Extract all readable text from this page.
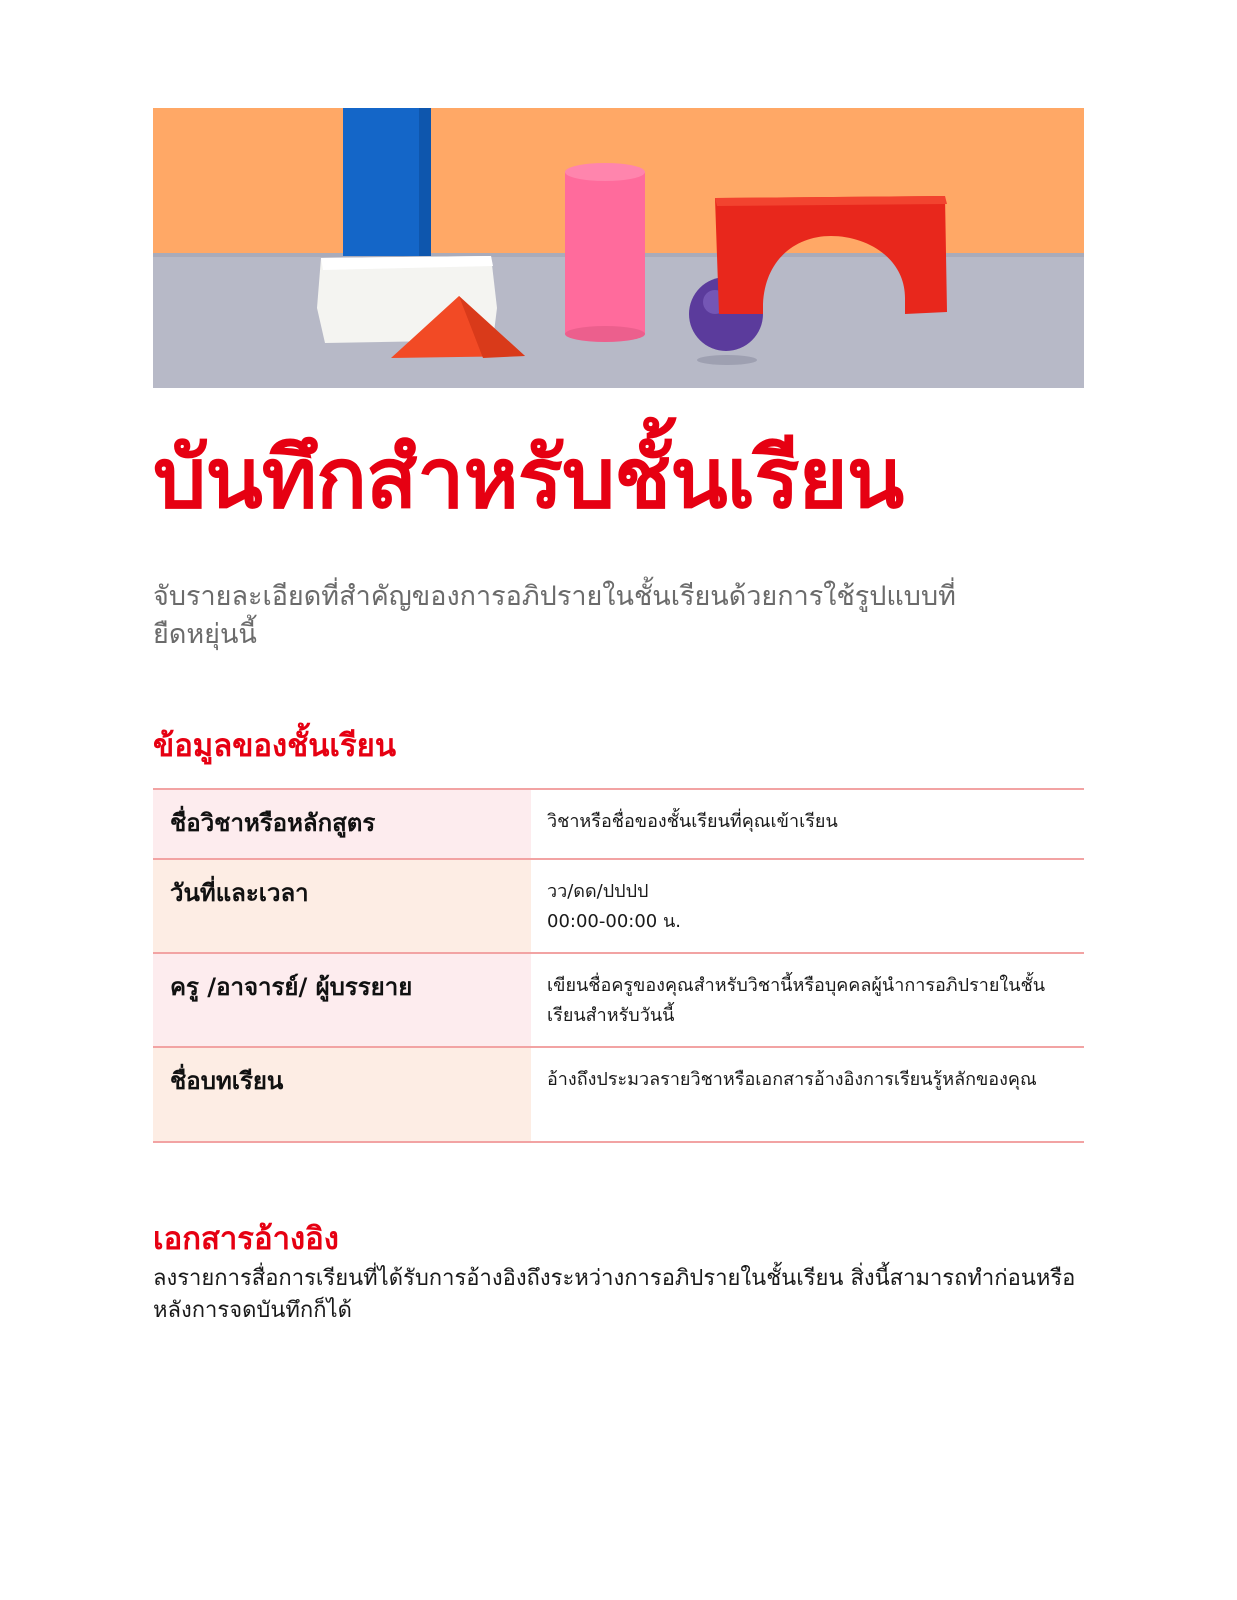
บันทึกสำหรับชั้นเรียน

จับรายละเอียดที่สำคัญของการอภิปรายในชั้นเรียนด้วยการใช้รูปแบบที่ยืดหยุ่นนี้

ข้อมูลของชั้นเรียน
ชื่อวิชาหรือหลักสูตร	วิชาหรือชื่อของชั้นเรียนที่คุณเข้าเรียน
วันที่และเวลา	วว/ดด/ปปปป
00:00-00:00 น.

ครู /อาจารย์/ ผู้บรรยาย	เขียนชื่อครูของคุณสำหรับวิชานี้หรือบุคคลผู้นำการอภิปรายในชั้นเรียนสำหรับวันนี้
ชื่อบทเรียน	อ้างถึงประมวลรายวิชาหรือเอกสารอ้างอิงการเรียนรู้หลักของคุณ
เอกสารอ้างอิง

ลงรายการสื่อการเรียนที่ได้รับการอ้างอิงถึงระหว่างการอภิปรายในชั้นเรียน สิ่งนี้สามารถทำก่อนหรือหลังการจดบันทึกก็ได้
